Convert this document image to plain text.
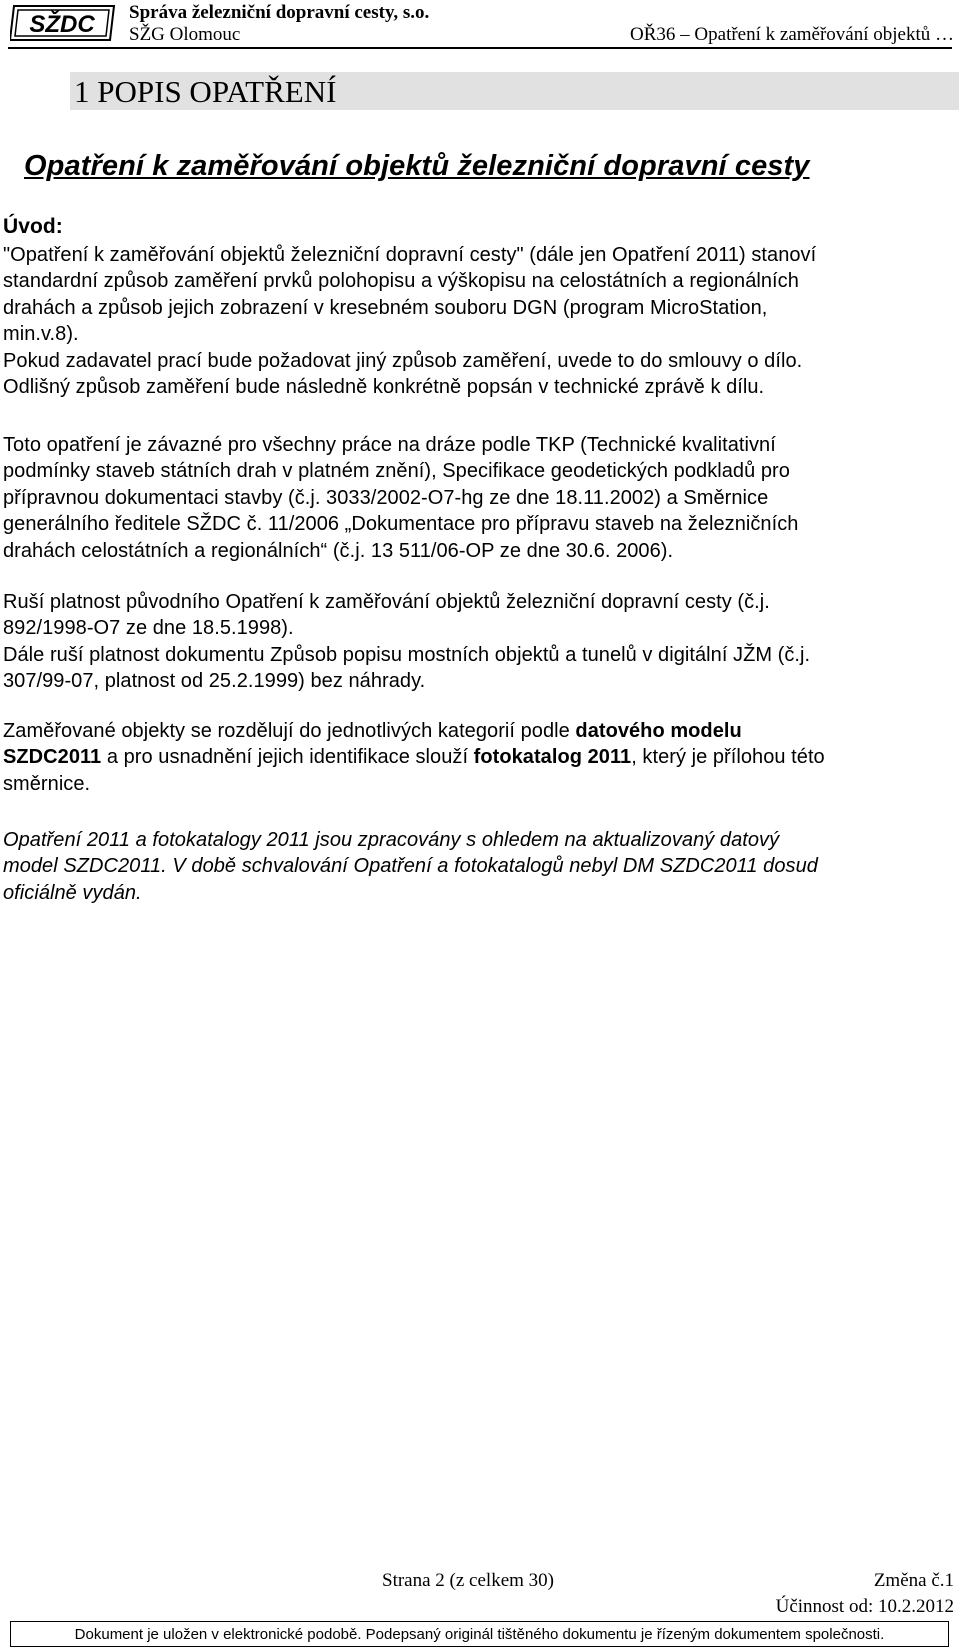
SŽDC Správa železniční dopravní cesty, s.o.
SŽG Olomouc	OŘ36 – Opatření k zaměřování objektů …
1 POPIS OPATŘENÍ
Opatření k zaměřování objektů železniční dopravní cesty
Úvod:
"Opatření k zaměřování objektů železniční dopravní cesty" (dále jen Opatření 2011) stanoví
standardní způsob zaměření prvků polohopisu a výškopisu na celostátních a regionálních
drahách a způsob jejich zobrazení v kresebném souboru DGN (program MicroStation,
min.v.8).
Pokud zadavatel prací bude požadovat jiný způsob zaměření, uvede to do smlouvy o dílo.
Odlišný způsob zaměření bude následně konkrétně popsán v technické zprávě k dílu.
Toto opatření je závazné pro všechny práce na dráze podle TKP (Technické kvalitativní
podmínky staveb státních drah v platném znění), Specifikace geodetických podkladů pro
přípravnou dokumentaci stavby (č.j. 3033/2002-O7-hg ze dne 18.11.2002) a Směrnice
generálního ředitele SŽDC č. 11/2006 „Dokumentace pro přípravu staveb na železničních
drahách celostátních a regionálních“ (č.j. 13 511/06-OP ze dne 30.6. 2006).
Ruší platnost původního Opatření k zaměřování objektů železniční dopravní cesty (č.j.
892/1998-O7 ze dne 18.5.1998).
Dále ruší platnost dokumentu Způsob popisu mostních objektů a tunelů v digitální JŽM (č.j.
307/99-07, platnost od 25.2.1999) bez náhrady.
Zaměřované objekty se rozdělují do jednotlivých kategorií podle datového modelu
SZDC2011 a pro usnadnění jejich identifikace slouží fotokatalog 2011, který je přílohou této
směrnice.
Opatření 2011 a fotokatalogy 2011 jsou zpracovány s ohledem na aktualizovaný datový
model SZDC2011. V době schvalování Opatření a fotokatalogů nebyl DM SZDC2011 dosud
oficiálně vydán.
Strana 2 (z celkem 30)	Změna č.1
Účinnost od: 10.2.2012
Dokument je uložen v elektronické podobě. Podepsaný originál tištěného dokumentu je řízeným dokumentem společnosti.
